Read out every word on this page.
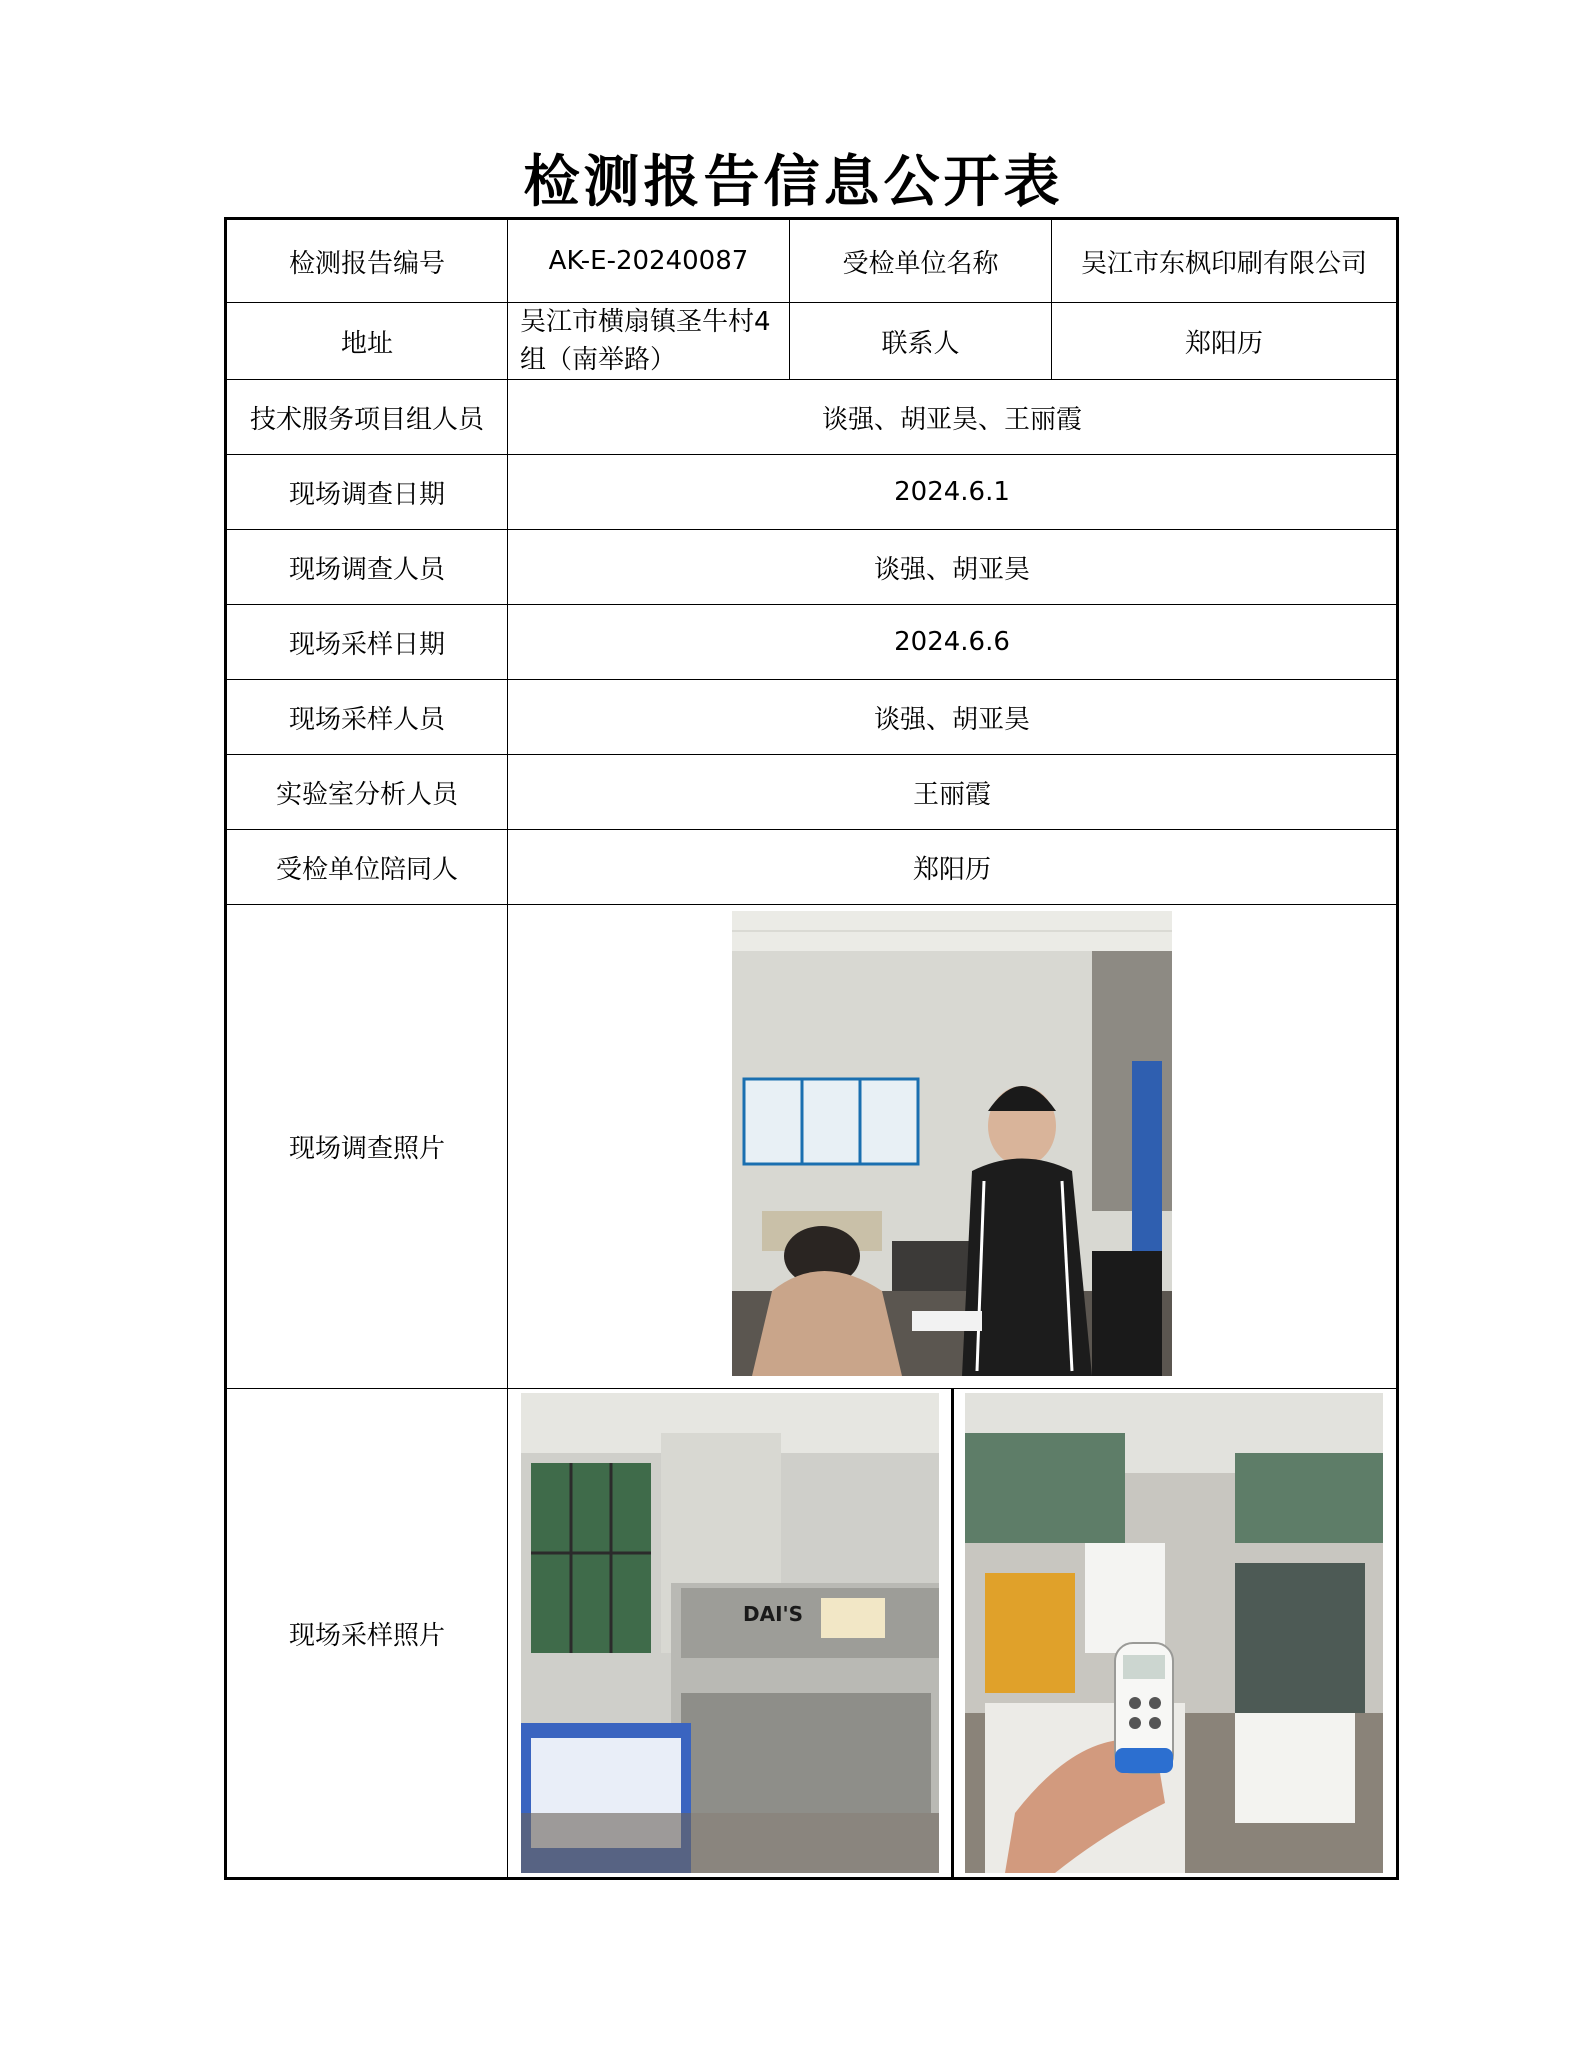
检测报告信息公开表
检测报告编号	AK-E-20240087	受检单位名称	吴江市东枫印刷有限公司
地址	吴江市横扇镇圣牛村4组（南举路）	联系人	郑阳历
技术服务项目组人员	谈强、胡亚昊、王丽霞		
现场调查日期	2024.6.1		
现场调查人员	谈强、胡亚昊		
现场采样日期	2024.6.6		
现场采样人员	谈强、胡亚昊		
实验室分析人员	王丽霞		
受检单位陪同人	郑阳历		
现场调查照片	

现场采样照片	DAI'S		
